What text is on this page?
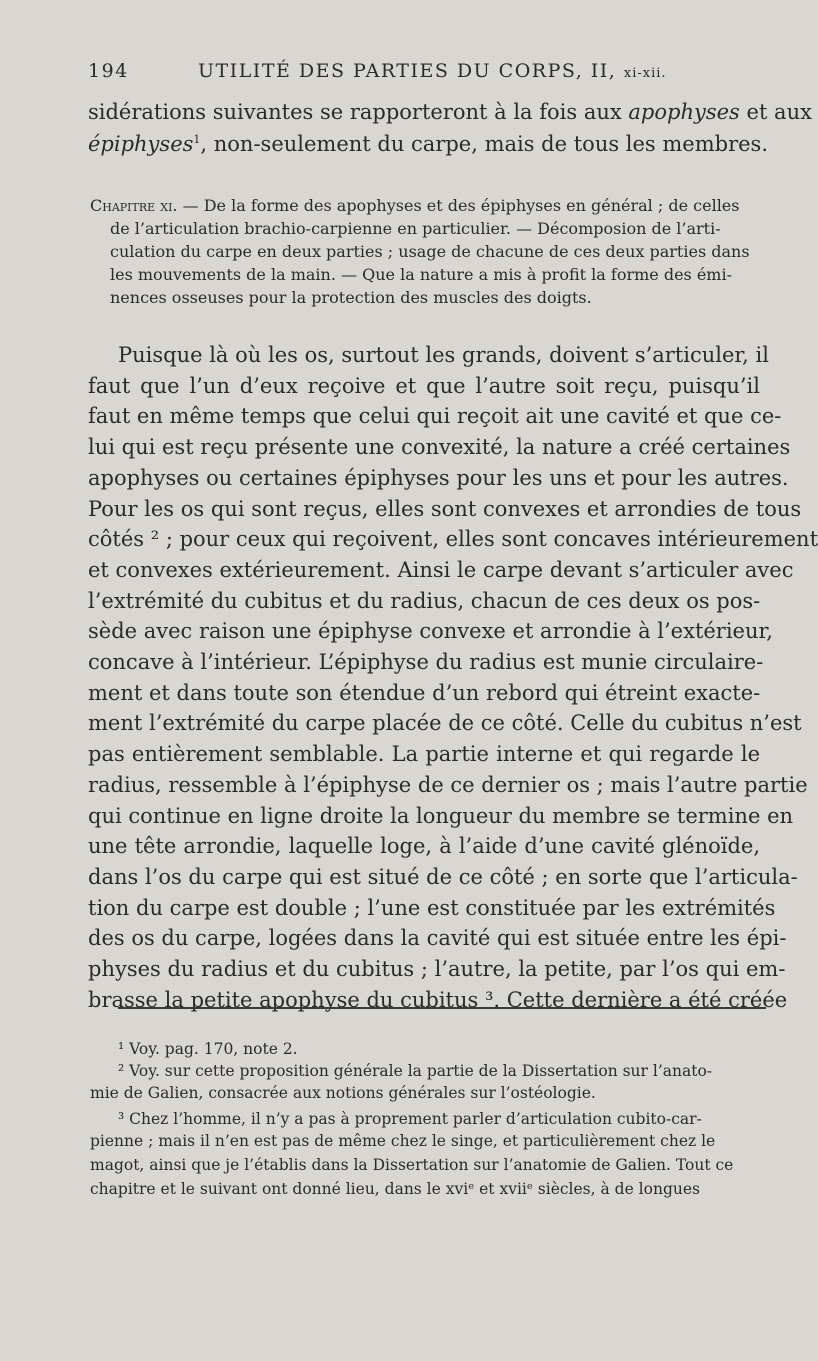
194	UTILITÉ DES PARTIES DU CORPS, II, xi-xii.
sidérations suivantes se rapporteront à la fois aux apophyses et aux
épiphyses$^1$, non-seulement du carpe, mais de tous les membres.
Chapitre xi. — De la forme des apophyses et des épiphyses en général ; de celles
de l’articulation brachio-carpienne en particulier. — Décomposion de l’arti-
culation du carpe en deux parties ; usage de chacune de ces deux parties dans
les mouvements de la main. — Que la nature a mis à profit la forme des émi-
nences osseuses pour la protection des muscles des doigts.
Puisque là où les os, surtout les grands, doivent s’articuler, il
faut que l’un d’eux reçoive et que l’autre soit reçu, puisqu’il
faut en même temps que celui qui reçoit ait une cavité et que ce-
lui qui est reçu présente une convexité, la nature a créé certaines
apophyses ou certaines épiphyses pour les uns et pour les autres.
Pour les os qui sont reçus, elles sont convexes et arrondies de tous
côtés ² ; pour ceux qui reçoivent, elles sont concaves intérieurement
et convexes extérieurement. Ainsi le carpe devant s’articuler avec
l’extrémité du cubitus et du radius, chacun de ces deux os pos-
sède avec raison une épiphyse convexe et arrondie à l’extérieur,
concave à l’intérieur. L’épiphyse du radius est munie circulaire-
ment et dans toute son étendue d’un rebord qui étreint exacte-
ment l’extrémité du carpe placée de ce côté. Celle du cubitus n’est
pas entièrement semblable. La partie interne et qui regarde le
radius, ressemble à l’épiphyse de ce dernier os ; mais l’autre partie
qui continue en ligne droite la longueur du membre se termine en
une tête arrondie, laquelle loge, à l’aide d’une cavité glénoïde,
dans l’os du carpe qui est situé de ce côté ; en sorte que l’articula-
tion du carpe est double ; l’une est constituée par les extrémités
des os du carpe, logées dans la cavité qui est située entre les épi-
physes du radius et du cubitus ; l’autre, la petite, par l’os qui em-
brasse la petite apophyse du cubitus ³. Cette dernière a été créée
¹ Voy. pag. 170, note 2.
² Voy. sur cette proposition générale la partie de la Dissertation sur l’anato-
mie de Galien, consacrée aux notions générales sur l’ostéologie.
³ Chez l’homme, il n’y a pas à proprement parler d’articulation cubito-car-
pienne ; mais il n’en est pas de même chez le singe, et particulièrement chez le
magot, ainsi que je l’établis dans la Dissertation sur l’anatomie de Galien. Tout ce
chapitre et le suivant ont donné lieu, dans le xviᵉ et xviiᵉ siècles, à de longues
